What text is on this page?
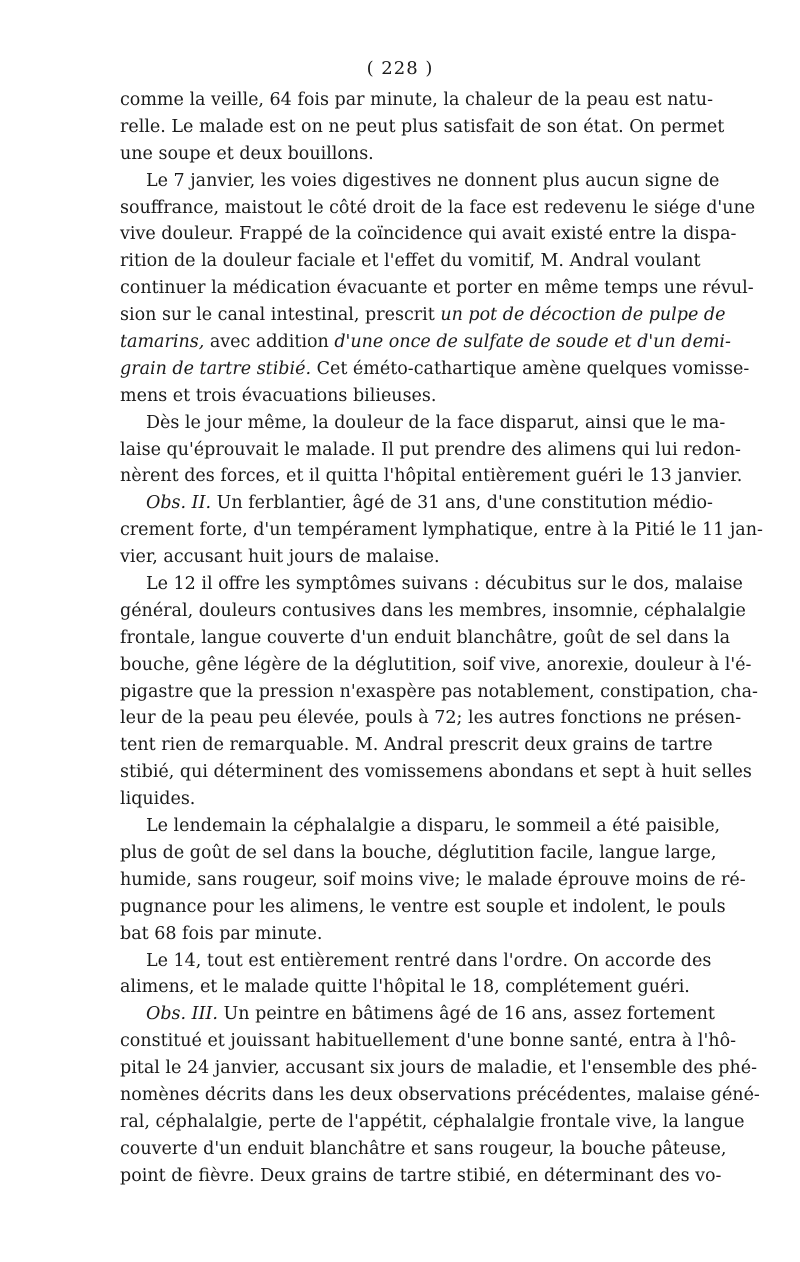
( 228 )
comme la veille, 64 fois par minute, la chaleur de la peau est natu-
relle. Le malade est on ne peut plus satisfait de son état. On permet
une soupe et deux bouillons.
Le 7 janvier, les voies digestives ne donnent plus aucun signe de
souffrance, maistout le côté droit de la face est redevenu le siége d'une
vive douleur. Frappé de la coïncidence qui avait existé entre la dispa-
rition de la douleur faciale et l'effet du vomitif, M. Andral voulant
continuer la médication évacuante et porter en même temps une révul-
sion sur le canal intestinal, prescrit un pot de décoction de pulpe de
tamarins, avec addition d'une once de sulfate de soude et d'un demi-
grain de tartre stibié. Cet éméto-cathartique amène quelques vomisse-
mens et trois évacuations bilieuses.
Dès le jour même, la douleur de la face disparut, ainsi que le ma-
laise qu'éprouvait le malade. Il put prendre des alimens qui lui redon-
nèrent des forces, et il quitta l'hôpital entièrement guéri le 13 janvier.
Obs. II. Un ferblantier, âgé de 31 ans, d'une constitution médio-
crement forte, d'un tempérament lymphatique, entre à la Pitié le 11 jan-
vier, accusant huit jours de malaise.
Le 12 il offre les symptômes suivans : décubitus sur le dos, malaise
général, douleurs contusives dans les membres, insomnie, céphalalgie
frontale, langue couverte d'un enduit blanchâtre, goût de sel dans la
bouche, gêne légère de la déglutition, soif vive, anorexie, douleur à l'é-
pigastre que la pression n'exaspère pas notablement, constipation, cha-
leur de la peau peu élevée, pouls à 72; les autres fonctions ne présen-
tent rien de remarquable. M. Andral prescrit deux grains de tartre
stibié, qui déterminent des vomissemens abondans et sept à huit selles
liquides.
Le lendemain la céphalalgie a disparu, le sommeil a été paisible,
plus de goût de sel dans la bouche, déglutition facile, langue large,
humide, sans rougeur, soif moins vive; le malade éprouve moins de ré-
pugnance pour les alimens, le ventre est souple et indolent, le pouls
bat 68 fois par minute.
Le 14, tout est entièrement rentré dans l'ordre. On accorde des
alimens, et le malade quitte l'hôpital le 18, complétement guéri.
Obs. III. Un peintre en bâtimens âgé de 16 ans, assez fortement
constitué et jouissant habituellement d'une bonne santé, entra à l'hô-
pital le 24 janvier, accusant six jours de maladie, et l'ensemble des phé-
nomènes décrits dans les deux observations précédentes, malaise géné-
ral, céphalalgie, perte de l'appétit, céphalalgie frontale vive, la langue
couverte d'un enduit blanchâtre et sans rougeur, la bouche pâteuse,
point de fièvre. Deux grains de tartre stibié, en déterminant des vo-
